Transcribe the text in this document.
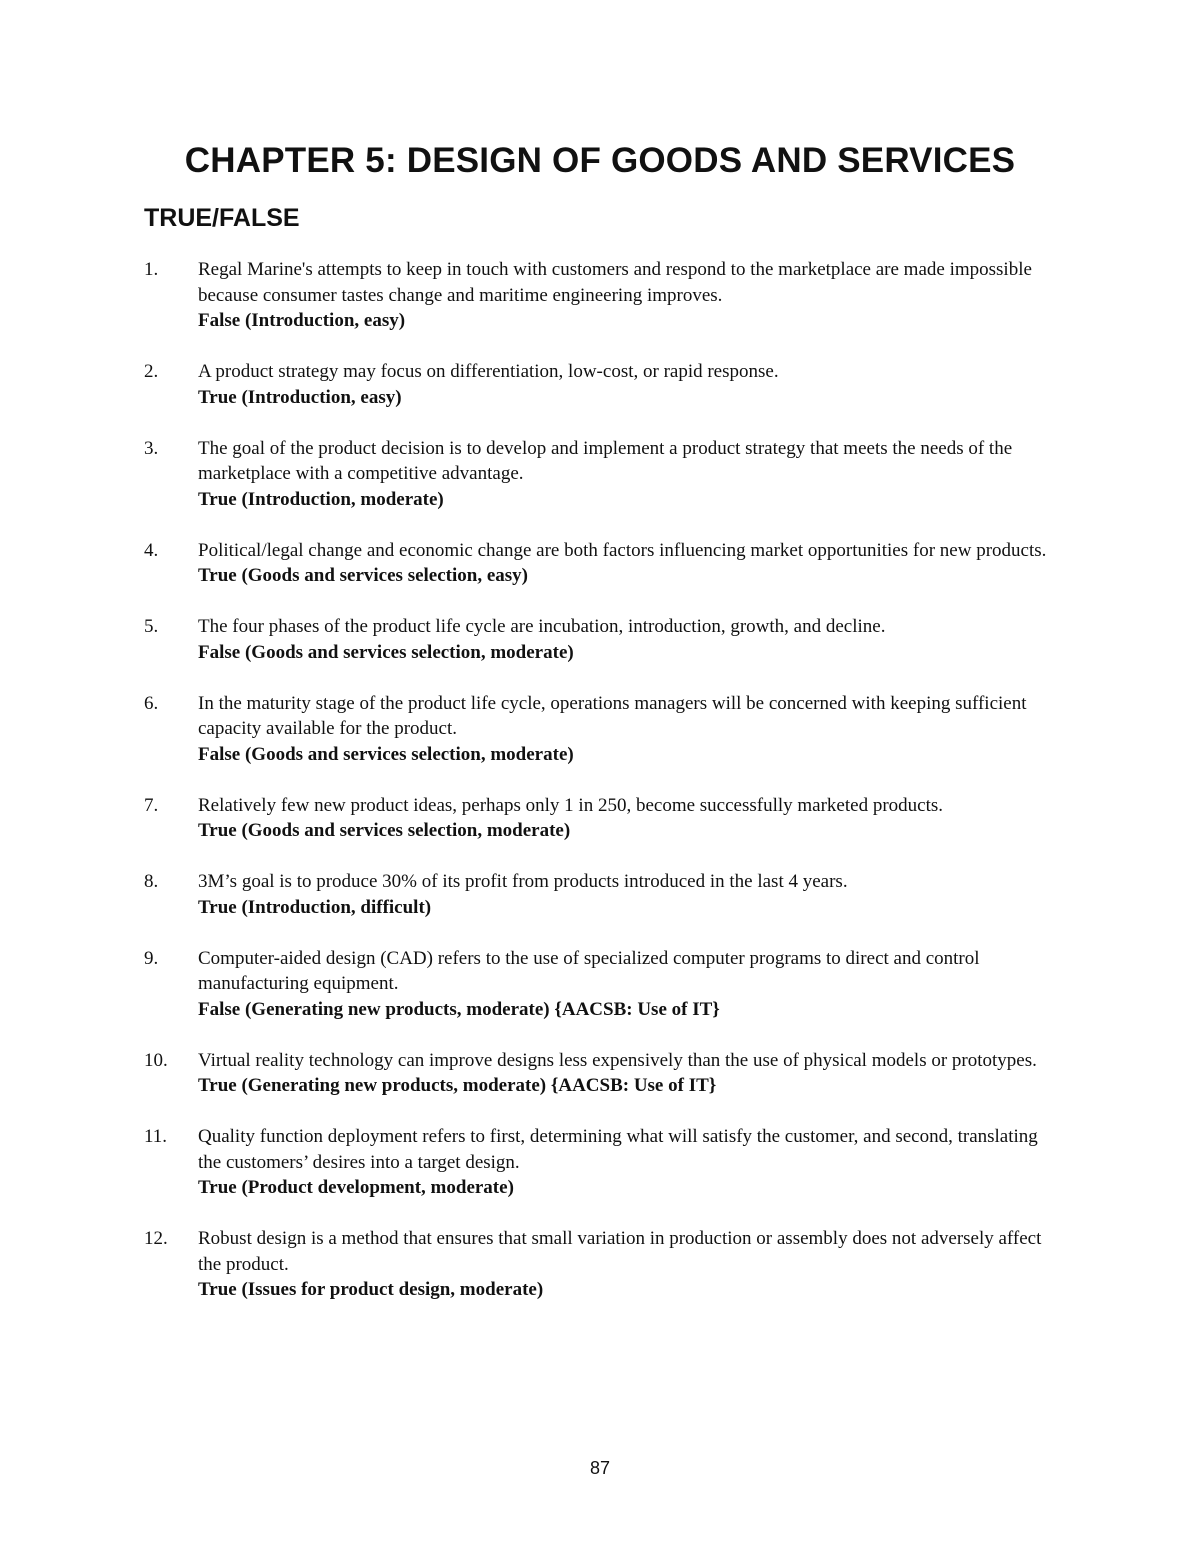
CHAPTER 5: DESIGN OF GOODS AND SERVICES
TRUE/FALSE
1. Regal Marine's attempts to keep in touch with customers and respond to the marketplace are made impossible because consumer tastes change and maritime engineering improves.
False (Introduction, easy)
2. A product strategy may focus on differentiation, low-cost, or rapid response.
True (Introduction, easy)
3. The goal of the product decision is to develop and implement a product strategy that meets the needs of the marketplace with a competitive advantage.
True (Introduction, moderate)
4. Political/legal change and economic change are both factors influencing market opportunities for new products.
True (Goods and services selection, easy)
5. The four phases of the product life cycle are incubation, introduction, growth, and decline.
False (Goods and services selection, moderate)
6. In the maturity stage of the product life cycle, operations managers will be concerned with keeping sufficient capacity available for the product.
False (Goods and services selection, moderate)
7. Relatively few new product ideas, perhaps only 1 in 250, become successfully marketed products.
True (Goods and services selection, moderate)
8. 3M’s goal is to produce 30% of its profit from products introduced in the last 4 years.
True (Introduction, difficult)
9. Computer-aided design (CAD) refers to the use of specialized computer programs to direct and control manufacturing equipment.
False (Generating new products, moderate) {AACSB: Use of IT}
10. Virtual reality technology can improve designs less expensively than the use of physical models or prototypes.
True (Generating new products, moderate) {AACSB: Use of IT}
11. Quality function deployment refers to first, determining what will satisfy the customer, and second, translating the customers’ desires into a target design.
True (Product development, moderate)
12. Robust design is a method that ensures that small variation in production or assembly does not adversely affect the product.
True (Issues for product design, moderate)
87
